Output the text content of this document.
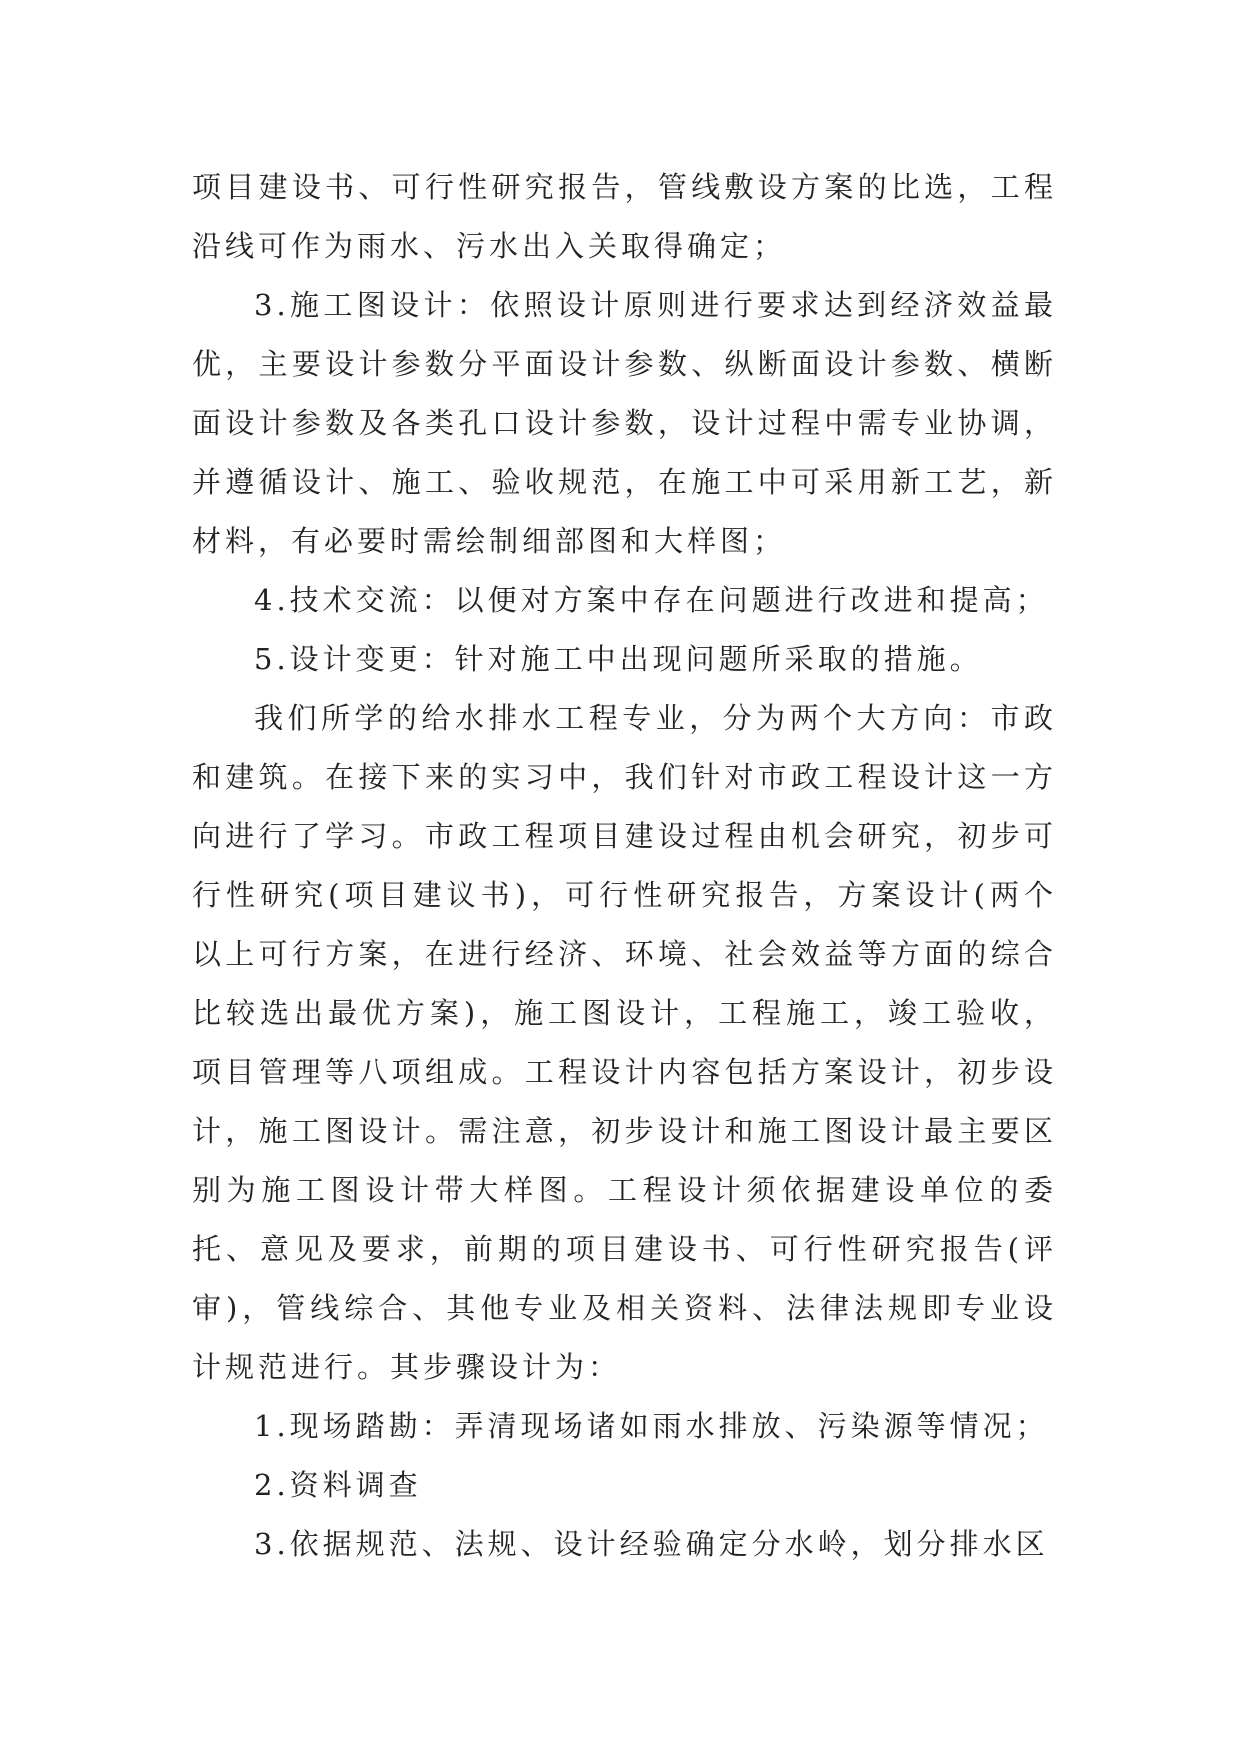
项目建设书、可行性研究报告，管线敷设方案的比选，工程沿线可作为雨水、污水出入关取得确定；

3.施工图设计：依照设计原则进行要求达到经济效益最优，主要设计参数分平面设计参数、纵断面设计参数、横断面设计参数及各类孔口设计参数，设计过程中需专业协调，并遵循设计、施工、验收规范，在施工中可采用新工艺，新材料，有必要时需绘制细部图和大样图；

4.技术交流：以便对方案中存在问题进行改进和提高；

5.设计变更：针对施工中出现问题所采取的措施。

我们所学的给水排水工程专业，分为两个大方向：市政和建筑。在接下来的实习中，我们针对市政工程设计这一方向进行了学习。市政工程项目建设过程由机会研究，初步可行性研究(项目建议书)，可行性研究报告，方案设计(两个以上可行方案，在进行经济、环境、社会效益等方面的综合比较选出最优方案)，施工图设计，工程施工，竣工验收，项目管理等八项组成。工程设计内容包括方案设计，初步设计，施工图设计。需注意，初步设计和施工图设计最主要区别为施工图设计带大样图。工程设计须依据建设单位的委托、意见及要求，前期的项目建设书、可行性研究报告(评审)，管线综合、其他专业及相关资料、法律法规即专业设计规范进行。其步骤设计为：

1.现场踏勘：弄清现场诸如雨水排放、污染源等情况；

2.资料调查

3.依据规范、法规、设计经验确定分水岭，划分排水区
